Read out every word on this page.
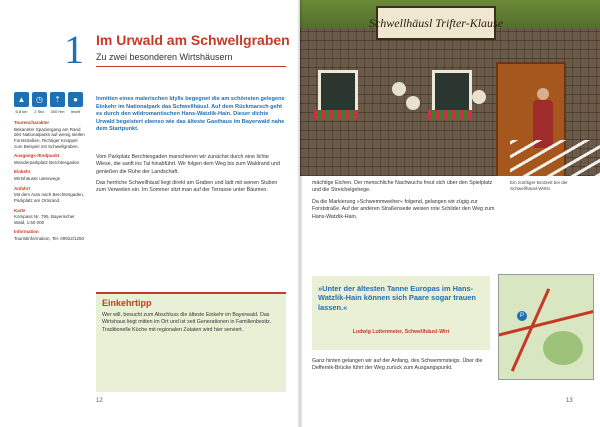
1 Im Urwald am Schwellgraben
Zu zwei besonderen Wirtshäusern
▲	◷	⇡	●
6,8 km	2 Std.	300 Hm	leicht
Tourencharakter
Bekannter Spaziergang am Rand des Nationalparks auf wenig steilen Forststraßen. Richtiger Knüppel zum Beispiel mit Schwellgraben.
Ausgangs-/Endpunkt
Wanderparkplatz Berchtesgaden
Einkehr
Wirtshäuser unterwegs
Anfahrt
Mit dem Auto nach Berchtesgaden, Parkplatz am Ortsrand.
Karte
Kompass Nr. 795, Bayerischer Wald, 1:50 000
Information
Touristinformation, Tel. 09922/1250
Inmitten eines malerischen Idylls begegnet die am schönsten gelegene Einkehr im Nationalpark das Schwellhäusl. Auf dem Rückmarsch geht es durch den wildromantischen Hans-Watzlik-Hain. Dieser dichte Urwald begeistert ebenso wie das älteste Gasthaus im Bayerwald nahe dem Startpunkt.

Vom Parkplatz Berchtesgaden marschieren wir zunächst durch eine lichte Wiese, die sanft ins Tal hinabführt. Wir folgen dem Weg bis zum Waldrand und genießen die Ruhe der Landschaft.

Das herrliche Schwellhäusl liegt direkt am Graben und lädt mit seinen Stuben zum Verweilen ein. Im Sommer sitzt man auf der Terrasse unter Bäumen.

Einkehrtipp
Wer will, besucht zum Abschluss die älteste Einkehr im Bayerwald. Das Wirtshaus liegt mitten im Ort und ist seit Generationen in Familienbesitz. Traditionelle Küche mit regionalen Zutaten wird hier serviert.
12
Schwellhäusl Trifter-Klause
Ein zünftiger Brotzeit bei der Schwellhäusl-Wirtin

mächtige Eichen. Der menschliche Nachwuchs freut sich über den Spielplatz und die Streichelgehege.

Da die Markierung »Schwemmweiher« folgend, gelangen wir zügig zur Forststraße. Auf der anderen Straßenseite weisen rote Schilder den Weg zum Hans-Watzlik-Hain.

»Unter der ältesten Tanne Europas im Hans-Watzlik-Hain können sich Paare sogar trauen lassen.«
Ludwig Luttenmeier, Schwellhäusl-Wirt
P
Ganz hinten gelangen wir auf der Anfang, des Schwemmsteigs. Über die Deffernik-Brücke führt der Weg zurück zum Ausgangspunkt.
13
